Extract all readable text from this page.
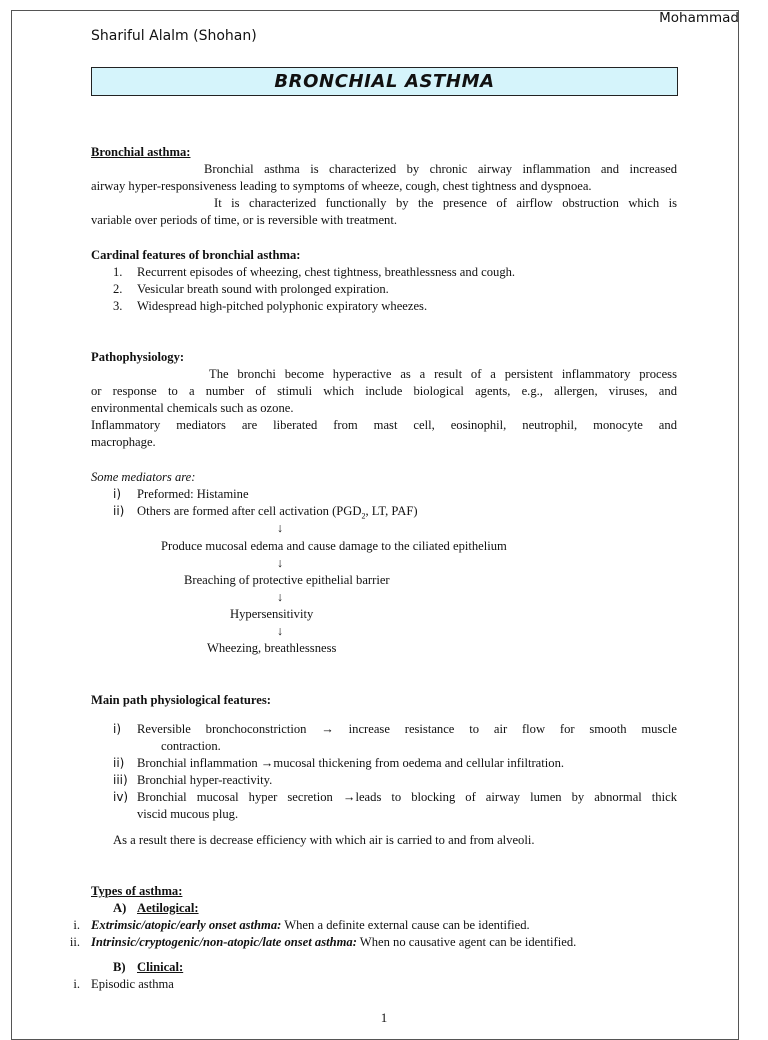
Mohammad
Shariful Alalm (Shohan)
BRONCHIAL ASTHMA
Bronchial asthma:
Bronchial asthma is characterized by chronic airway inflammation and increased
airway hyper-responsiveness leading to symptoms of wheeze, cough, chest tightness and dyspnoea.
It is characterized functionally by the presence of airflow obstruction which is
variable over periods of time, or is reversible with treatment.
Cardinal features of bronchial asthma:
1. Recurrent episodes of wheezing, chest tightness, breathlessness and cough.
2. Vesicular breath sound with prolonged expiration.
3. Widespread high-pitched polyphonic expiratory wheezes.
Pathophysiology:
The bronchi become hyperactive as a result of a persistent inflammatory process
or response to a number of stimuli which include biological agents, e.g., allergen, viruses, and
environmental chemicals such as ozone.
Inflammatory mediators are liberated from mast cell, eosinophil, neutrophil, monocyte and
macrophage.
Some mediators are:
i) Preformed: Histamine
ii) Others are formed after cell activation ($PGD_2$, LT, PAF)
↓
Produce mucosal edema and cause damage to the ciliated epithelium
↓
Breaching of protective epithelial barrier
↓
Hypersensitivity
↓
Wheezing, breathlessness
Main path physiological features:
i) Reversible bronchoconstriction → increase resistance to air flow for smooth muscle
contraction.
ii) Bronchial inflammation →mucosal thickening from oedema and cellular infiltration.
iii) Bronchial hyper-reactivity.
iv) Bronchial mucosal hyper secretion →leads to blocking of airway lumen by abnormal thick
viscid mucous plug.
As a result there is decrease efficiency with which air is carried to and from alveoli.
Types of asthma:
A) Aetilogical:
i. Extrimsic/atopic/early onset asthma: When a definite external cause can be identified.
ii. Intrinsic/cryptogenic/non-atopic/late onset asthma: When no causative agent can be identified.
B) Clinical:
i. Episodic asthma
1
